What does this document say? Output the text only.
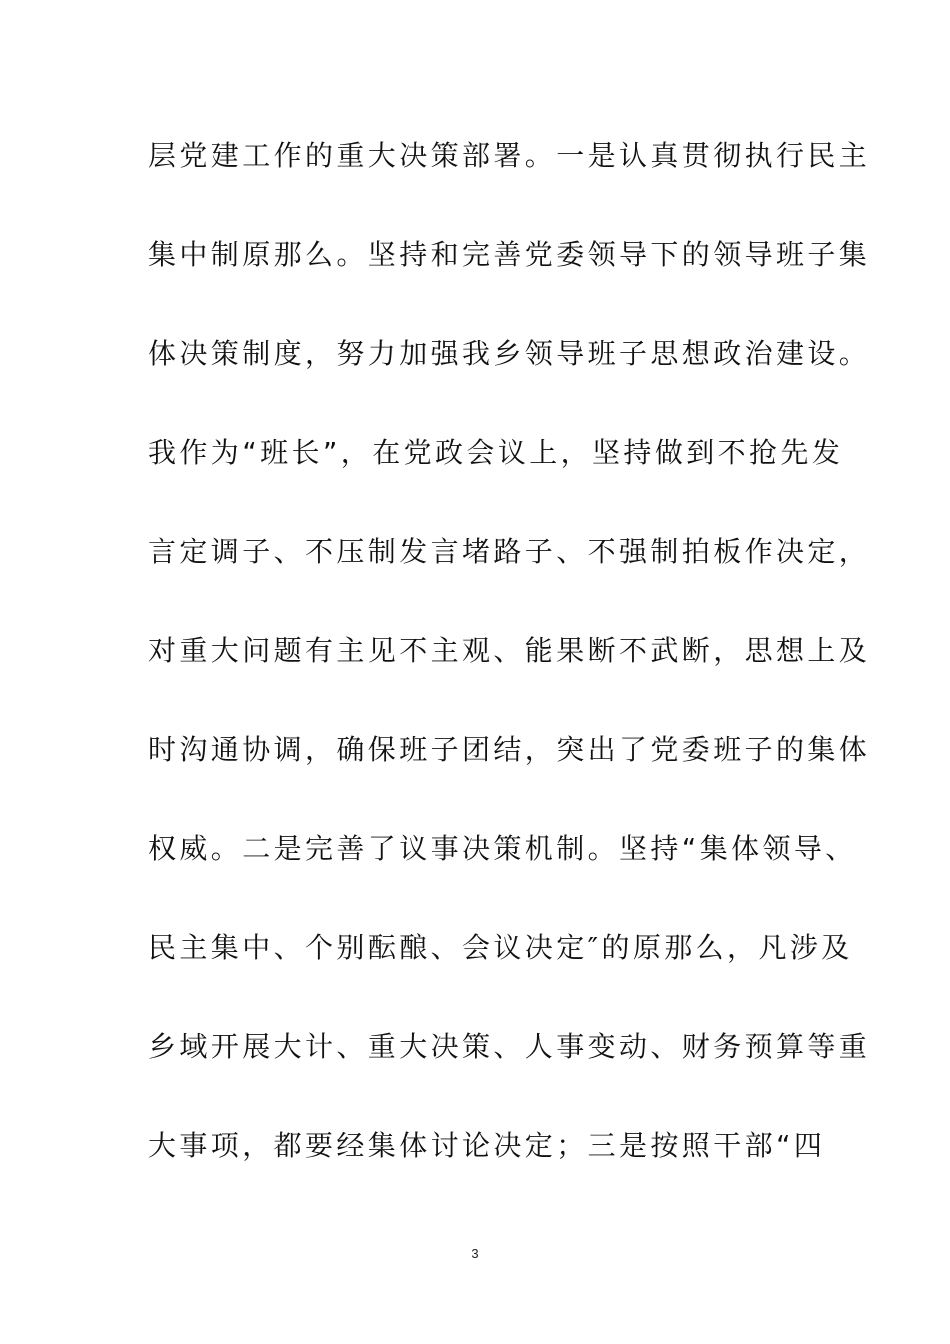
层党建工作的重大决策部署。一是认真贯彻执行民主
集中制原那么。坚持和完善党委领导下的领导班子集
体决策制度，努力加强我乡领导班子思想政治建设。
我作为“班长”，在党政会议上，坚持做到不抢先发
言定调子、不压制发言堵路子、不强制拍板作决定，
对重大问题有主见不主观、能果断不武断，思想上及
时沟通协调，确保班子团结，突出了党委班子的集体
权威。二是完善了议事决策机制。坚持“集体领导、
民主集中、个别酝酿、会议决定″的原那么，凡涉及
乡域开展大计、重大决策、人事变动、财务预算等重
大事项，都要经集体讨论决定；三是按照干部“四
3
